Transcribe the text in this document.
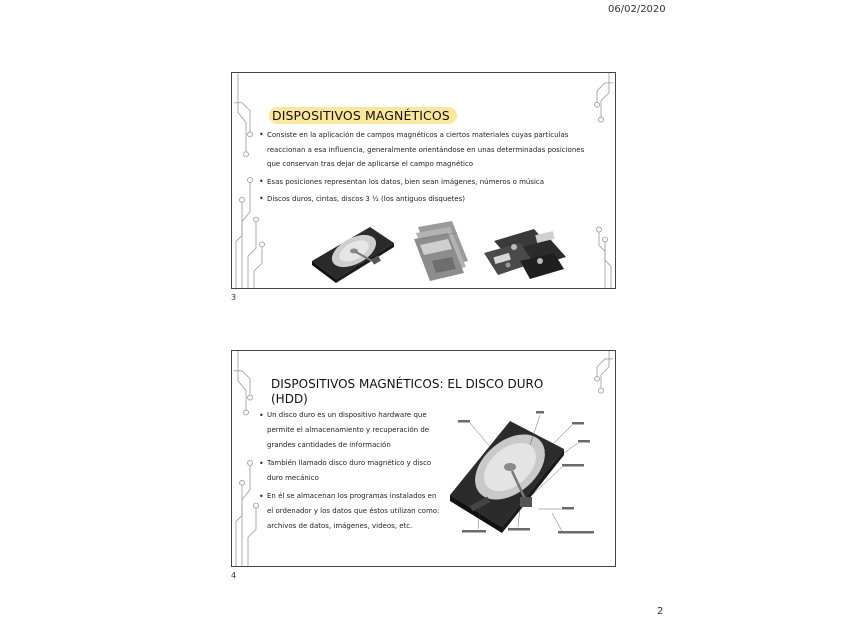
06/02/2020
DISPOSITIVOS MAGNÉTICOS
• Consiste en la aplicación de campos magnéticos a ciertos materiales cuyas partículas reaccionan a esa influencia, generalmente orientándose en unas determinadas posiciones que conservan tras dejar de aplicarse el campo magnético
• Esas posiciones representan los datos, bien sean imágenes, números o música
• Discos duros, cintas, discos 3 ½ (los antiguos disquetes)
3
DISPOSITIVOS MAGNÉTICOS: EL DISCO DURO (HDD)
• Un disco duro es un dispositivo hardware que permite el almacenamiento y recuperación de grandes cantidades de información
• También llamado disco duro magnético y disco duro mecánico
• En él se almacenan los programas instalados en el ordenador y los datos que éstos utilizan como: archivos de datos, imágenes, videos, etc.
4
2
